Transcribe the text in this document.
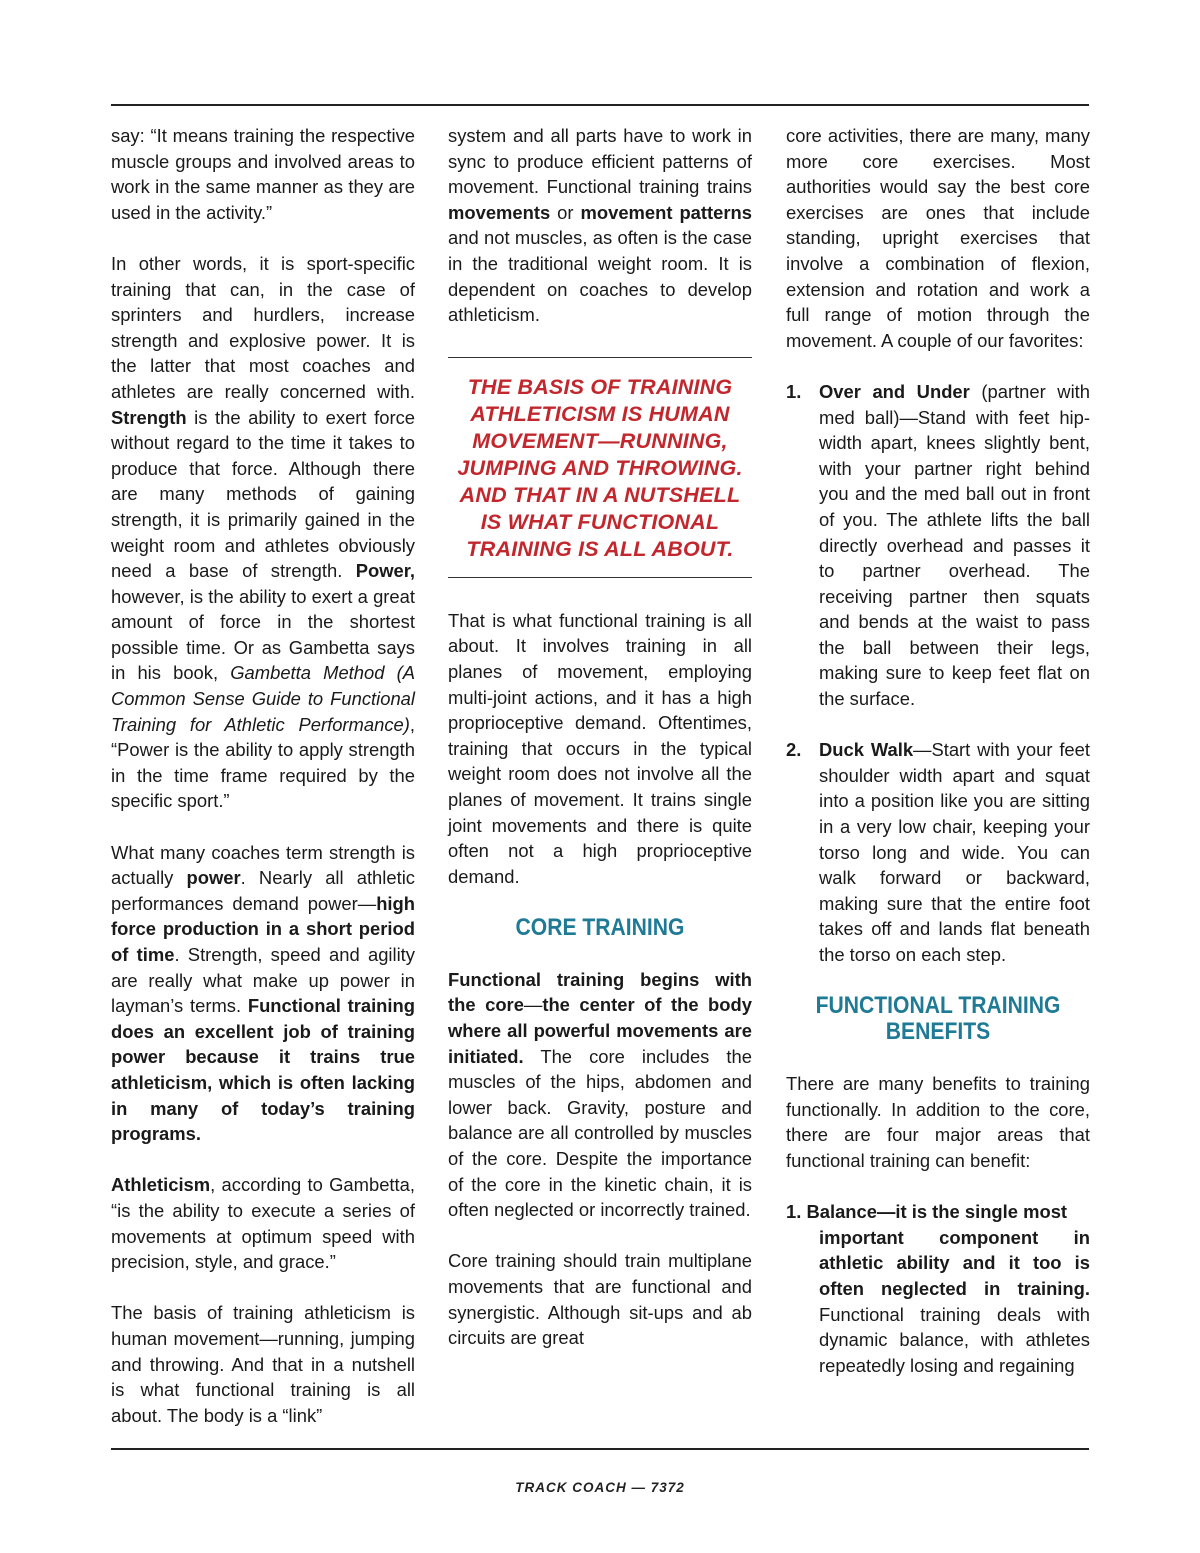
say: “It means training the respective muscle groups and involved areas to work in the same manner as they are used in the activity.”

In other words, it is sport-specific training that can, in the case of sprinters and hurdlers, increase strength and explosive power. It is the latter that most coaches and athletes are really concerned with. Strength is the ability to exert force without regard to the time it takes to produce that force. Although there are many methods of gaining strength, it is primarily gained in the weight room and athletes obviously need a base of strength. Power, however, is the ability to exert a great amount of force in the shortest possible time. Or as Gambetta says in his book, Gambetta Method (A Common Sense Guide to Functional Training for Athletic Performance), “Power is the ability to apply strength in the time frame required by the specific sport.”

What many coaches term strength is actually power. Nearly all athletic performances demand power—high force production in a short period of time. Strength, speed and agility are really what make up power in layman’s terms. Functional training does an excellent job of training power because it trains true athleticism, which is often lacking in many of today’s training programs.

Athleticism, according to Gambetta, “is the ability to execute a series of movements at optimum speed with precision, style, and grace.”

The basis of training athleticism is human movement—running, jumping and throwing. And that in a nutshell is what functional training is all about. The body is a “link”

system and all parts have to work in sync to produce efficient patterns of movement. Functional training trains movements or movement patterns and not muscles, as often is the case in the traditional weight room. It is dependent on coaches to develop athleticism.

THE BASIS OF TRAINING ATHLETICISM IS HUMAN MOVEMENT—RUNNING, JUMPING AND THROWING. AND THAT IN A NUTSHELL IS WHAT FUNCTIONAL TRAINING IS ALL ABOUT.

That is what functional training is all about. It involves training in all planes of movement, employing multi-joint actions, and it has a high proprioceptive demand. Oftentimes, training that occurs in the typical weight room does not involve all the planes of movement. It trains single joint movements and there is quite often not a high proprioceptive demand.

CORE TRAINING

Functional training begins with the core—the center of the body where all powerful movements are initiated. The core includes the muscles of the hips, abdomen and lower back. Gravity, posture and balance are all controlled by muscles of the core. Despite the importance of the core in the kinetic chain, it is often neglected or incorrectly trained.

Core training should train multiplane movements that are functional and synergistic. Although sit-ups and ab circuits are great

core activities, there are many, many more core exercises. Most authorities would say the best core exercises are ones that include standing, upright exercises that involve a combination of flexion, extension and rotation and work a full range of motion through the movement. A couple of our favorites:

1. Over and Under (partner with med ball)—Stand with feet hip-width apart, knees slightly bent, with your partner right behind you and the med ball out in front of you. The athlete lifts the ball directly overhead and passes it to partner overhead. The receiving partner then squats and bends at the waist to pass the ball between their legs, making sure to keep feet flat on the surface.
2. Duck Walk—Start with your feet shoulder width apart and squat into a position like you are sitting in a very low chair, keeping your torso long and wide. You can walk forward or backward, making sure that the entire foot takes off and lands flat beneath the torso on each step.
FUNCTIONAL TRAINING BENEFITS

There are many benefits to training functionally. In addition to the core, there are four major areas that functional training can benefit:

1. Balance—it is the single most
important component in athletic ability and it too is often neglected in training. Functional training deals with dynamic balance, with athletes repeatedly losing and regaining
TRACK COACH — 7372
